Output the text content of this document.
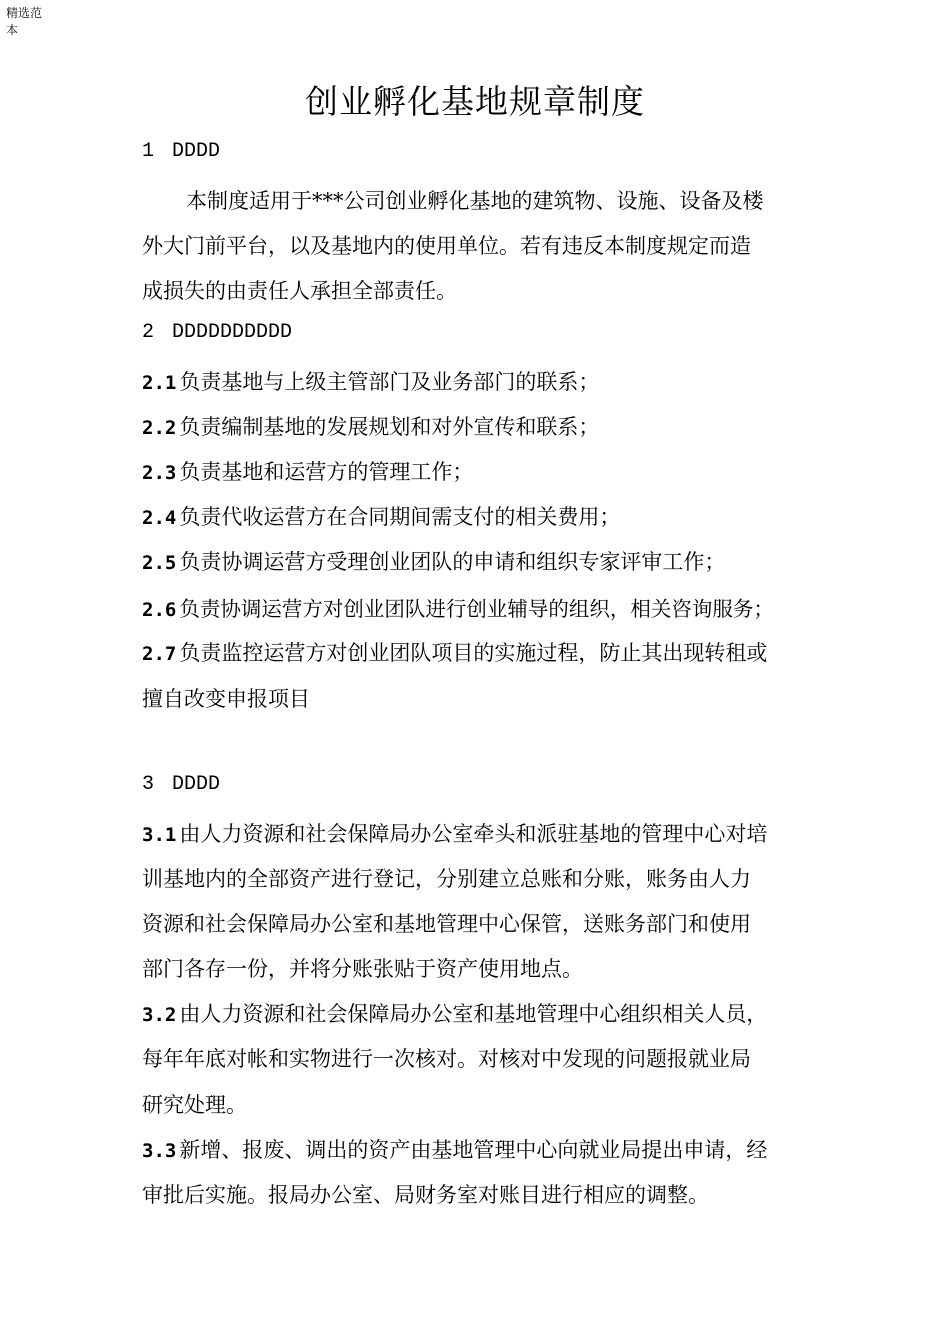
精选范本
创业孵化基地规章制度
1 DDDD
本制度适用于***公司创业孵化基地的建筑物、设施、设备及楼
外大门前平台，以及基地内的使用单位。若有违反本制度规定而造
成损失的由责任人承担全部责任。
2 DDDDDDDDDD
2.1 负责基地与上级主管部门及业务部门的联系；
2.2 负责编制基地的发展规划和对外宣传和联系；
2.3 负责基地和运营方的管理工作；
2.4 负责代收运营方在合同期间需支付的相关费用；
2.5 负责协调运营方受理创业团队的申请和组织专家评审工作；
2.6 负责协调运营方对创业团队进行创业辅导的组织，相关咨询服务；
2.7 负责监控运营方对创业团队项目的实施过程，防止其出现转租或
擅自改变申报项目
3 DDDD
3.1 由人力资源和社会保障局办公室牵头和派驻基地的管理中心对培
训基地内的全部资产进行登记，分别建立总账和分账，账务由人力
资源和社会保障局办公室和基地管理中心保管，送账务部门和使用
部门各存一份，并将分账张贴于资产使用地点。
3.2 由人力资源和社会保障局办公室和基地管理中心组织相关人员，
每年年底对帐和实物进行一次核对。对核对中发现的问题报就业局
研究处理。
3.3 新增、报废、调出的资产由基地管理中心向就业局提出申请，经
审批后实施。报局办公室、局财务室对账目进行相应的调整。
